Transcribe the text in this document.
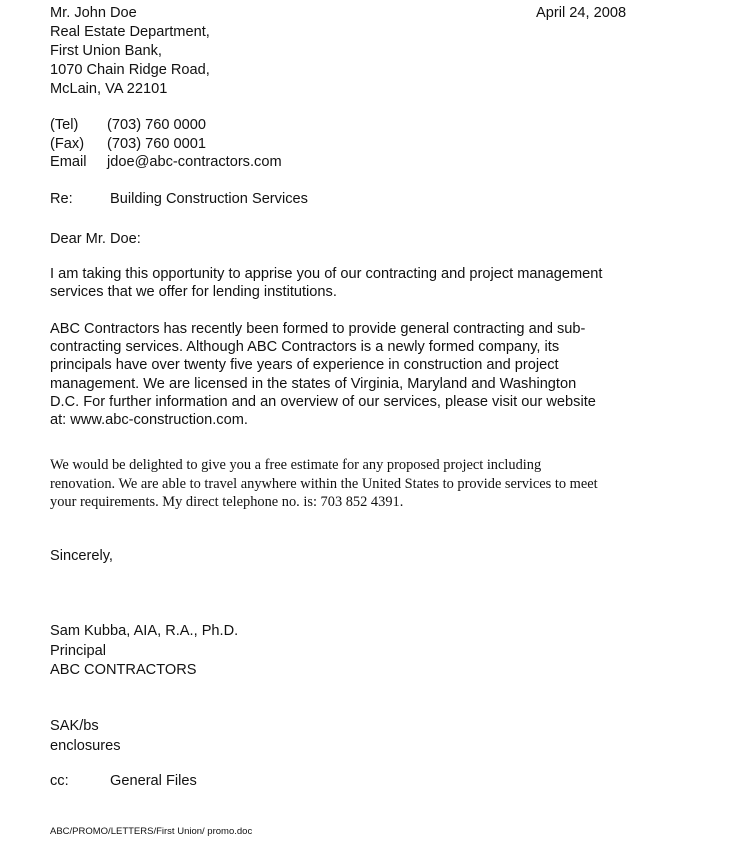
April 24, 2008
Mr. John Doe
Real Estate Department,
First Union Bank,
1070 Chain Ridge Road,
McLain, VA 22101
(Tel)	(703) 760 0000
(Fax)	(703) 760 0001
Email	jdoe@abc-contractors.com
Re:	Building Construction Services
Dear Mr. Doe:
I am taking this opportunity to apprise you of our contracting and project management
services that we offer for lending institutions.
ABC Contractors has recently been formed to provide general contracting and sub-
contracting services. Although ABC Contractors is a newly formed company, its
principals have over twenty five years of experience in construction and project
management. We are licensed in the states of Virginia, Maryland and Washington
D.C. For further information and an overview of our services, please visit our website
at: www.abc-construction.com.
We would be delighted to give you a free estimate for any proposed project including
renovation. We are able to travel anywhere within the United States to provide services to meet
your requirements. My direct telephone no. is: 703 852 4391.
Sincerely,
Sam Kubba, AIA, R.A., Ph.D.
Principal
ABC CONTRACTORS
SAK/bs
enclosures
cc:	General Files
ABC/PROMO/LETTERS/First Union/ promo.doc
